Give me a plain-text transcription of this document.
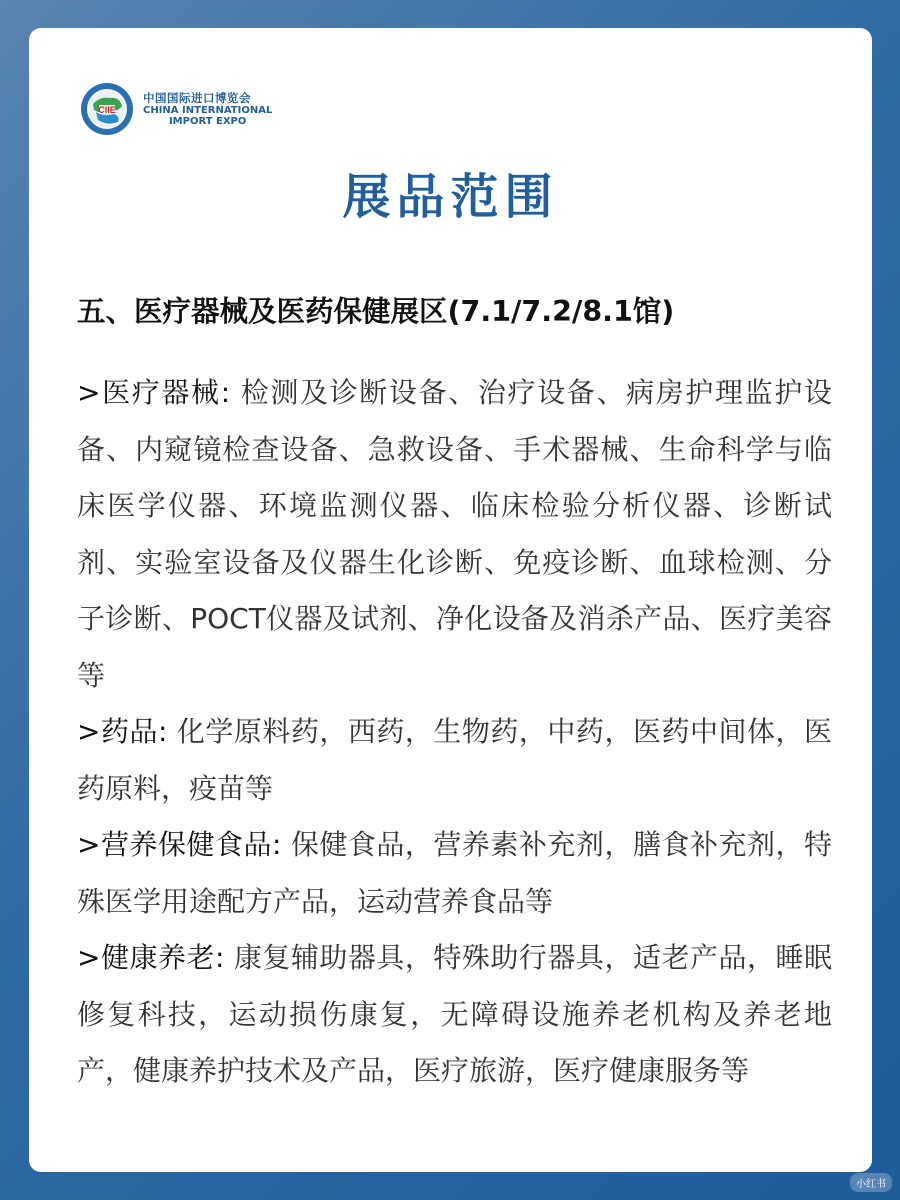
CIIE
中国国际进口博览会
CHINA INTERNATIONAL
IMPORT EXPO
展品范围
五、医疗器械及医药保健展区(7.1/7.2/8.1馆)

>医疗器械: 检测及诊断设备、治疗设备、病房护理监护设备、内窥镜检查设备、急救设备、手术器械、生命科学与临床医学仪器、环境监测仪器、临床检验分析仪器、诊断试剂、实验室设备及仪器生化诊断、免疫诊断、血球检测、分子诊断、POCT仪器及试剂、净化设备及消杀产品、医疗美容等

>药品: 化学原料药，西药，生物药，中药，医药中间体，医药原料，疫苗等

>营养保健食品: 保健食品，营养素补充剂，膳食补充剂，特殊医学用途配方产品，运动营养食品等

>健康养老: 康复辅助器具，特殊助行器具，适老产品，睡眠修复科技，运动损伤康复，无障碍设施养老机构及养老地产，健康养护技术及产品，医疗旅游，医疗健康服务等

小红书
